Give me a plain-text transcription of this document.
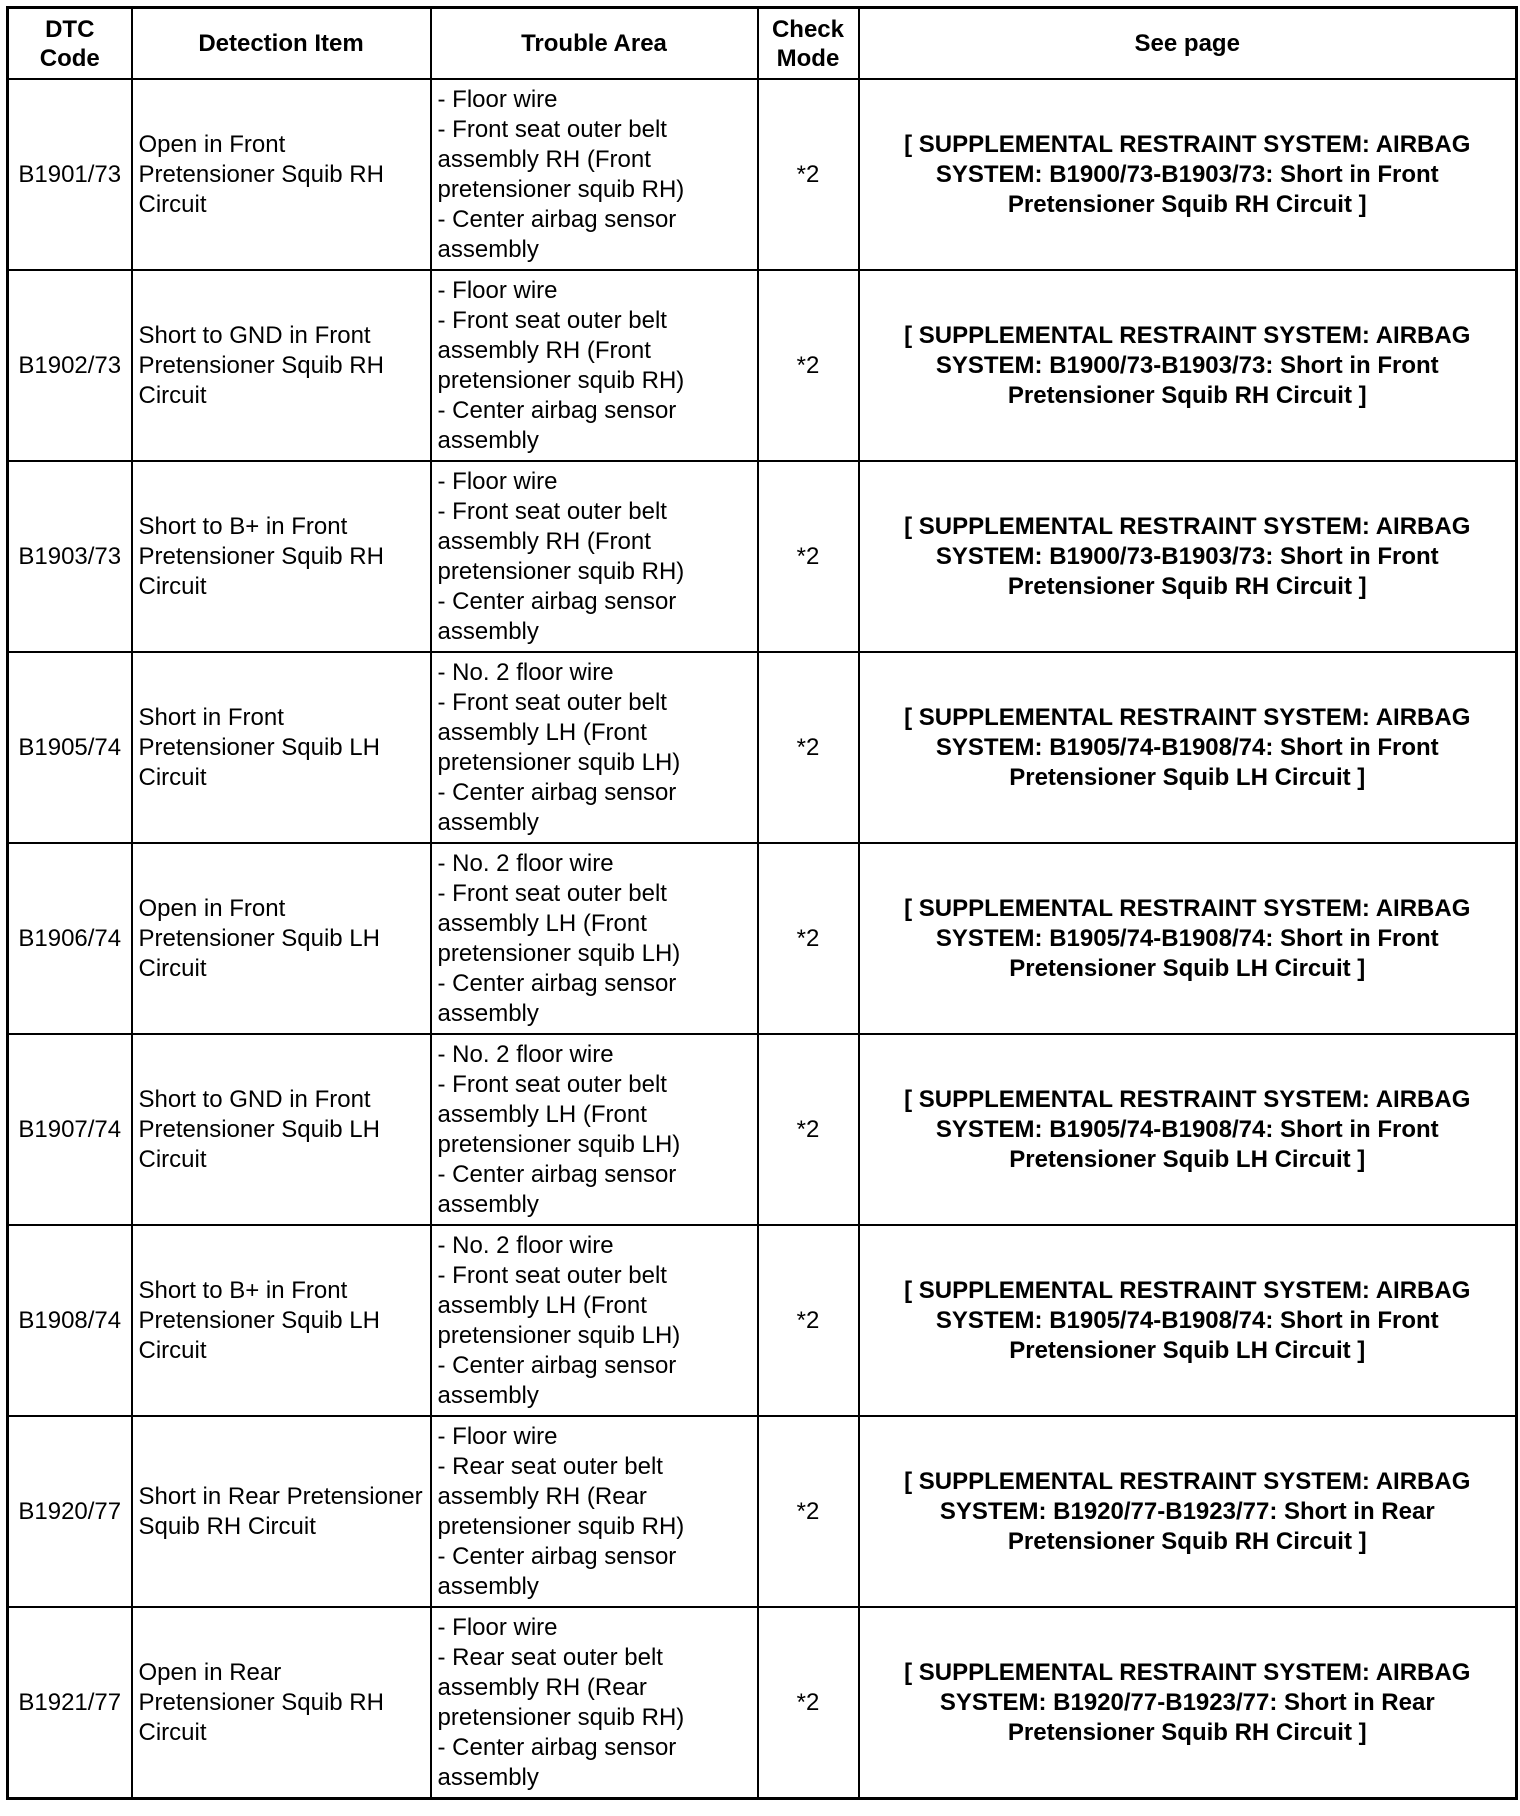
DTC
Code	Detection Item	Trouble Area	Check
Mode	See page
B1901/73	Open in Front Pretensioner Squib RH Circuit	- Floor wire
- Front seat outer belt assembly RH (Front pretensioner squib RH)
- Center airbag sensor assembly	*2	[ SUPPLEMENTAL RESTRAINT SYSTEM: AIRBAG SYSTEM: B1900/73-B1903/73: Short in Front Pretensioner Squib RH Circuit ]
B1902/73	Short to GND in Front Pretensioner Squib RH Circuit	- Floor wire
- Front seat outer belt assembly RH (Front pretensioner squib RH)
- Center airbag sensor assembly	*2	[ SUPPLEMENTAL RESTRAINT SYSTEM: AIRBAG SYSTEM: B1900/73-B1903/73: Short in Front Pretensioner Squib RH Circuit ]
B1903/73	Short to B+ in Front Pretensioner Squib RH Circuit	- Floor wire
- Front seat outer belt assembly RH (Front pretensioner squib RH)
- Center airbag sensor assembly	*2	[ SUPPLEMENTAL RESTRAINT SYSTEM: AIRBAG SYSTEM: B1900/73-B1903/73: Short in Front Pretensioner Squib RH Circuit ]
B1905/74	Short in Front Pretensioner Squib LH Circuit	- No. 2 floor wire
- Front seat outer belt assembly LH (Front pretensioner squib LH)
- Center airbag sensor assembly	*2	[ SUPPLEMENTAL RESTRAINT SYSTEM: AIRBAG SYSTEM: B1905/74-B1908/74: Short in Front Pretensioner Squib LH Circuit ]
B1906/74	Open in Front Pretensioner Squib LH Circuit	- No. 2 floor wire
- Front seat outer belt assembly LH (Front pretensioner squib LH)
- Center airbag sensor assembly	*2	[ SUPPLEMENTAL RESTRAINT SYSTEM: AIRBAG SYSTEM: B1905/74-B1908/74: Short in Front Pretensioner Squib LH Circuit ]
B1907/74	Short to GND in Front Pretensioner Squib LH Circuit	- No. 2 floor wire
- Front seat outer belt assembly LH (Front pretensioner squib LH)
- Center airbag sensor assembly	*2	[ SUPPLEMENTAL RESTRAINT SYSTEM: AIRBAG SYSTEM: B1905/74-B1908/74: Short in Front Pretensioner Squib LH Circuit ]
B1908/74	Short to B+ in Front Pretensioner Squib LH Circuit	- No. 2 floor wire
- Front seat outer belt assembly LH (Front pretensioner squib LH)
- Center airbag sensor assembly	*2	[ SUPPLEMENTAL RESTRAINT SYSTEM: AIRBAG SYSTEM: B1905/74-B1908/74: Short in Front Pretensioner Squib LH Circuit ]
B1920/77	Short in Rear Pretensioner Squib RH Circuit	- Floor wire
- Rear seat outer belt assembly RH (Rear pretensioner squib RH)
- Center airbag sensor assembly	*2	[ SUPPLEMENTAL RESTRAINT SYSTEM: AIRBAG SYSTEM: B1920/77-B1923/77: Short in Rear Pretensioner Squib RH Circuit ]
B1921/77	Open in Rear Pretensioner Squib RH Circuit	- Floor wire
- Rear seat outer belt assembly RH (Rear pretensioner squib RH)
- Center airbag sensor assembly	*2	[ SUPPLEMENTAL RESTRAINT SYSTEM: AIRBAG SYSTEM: B1920/77-B1923/77: Short in Rear Pretensioner Squib RH Circuit ]
